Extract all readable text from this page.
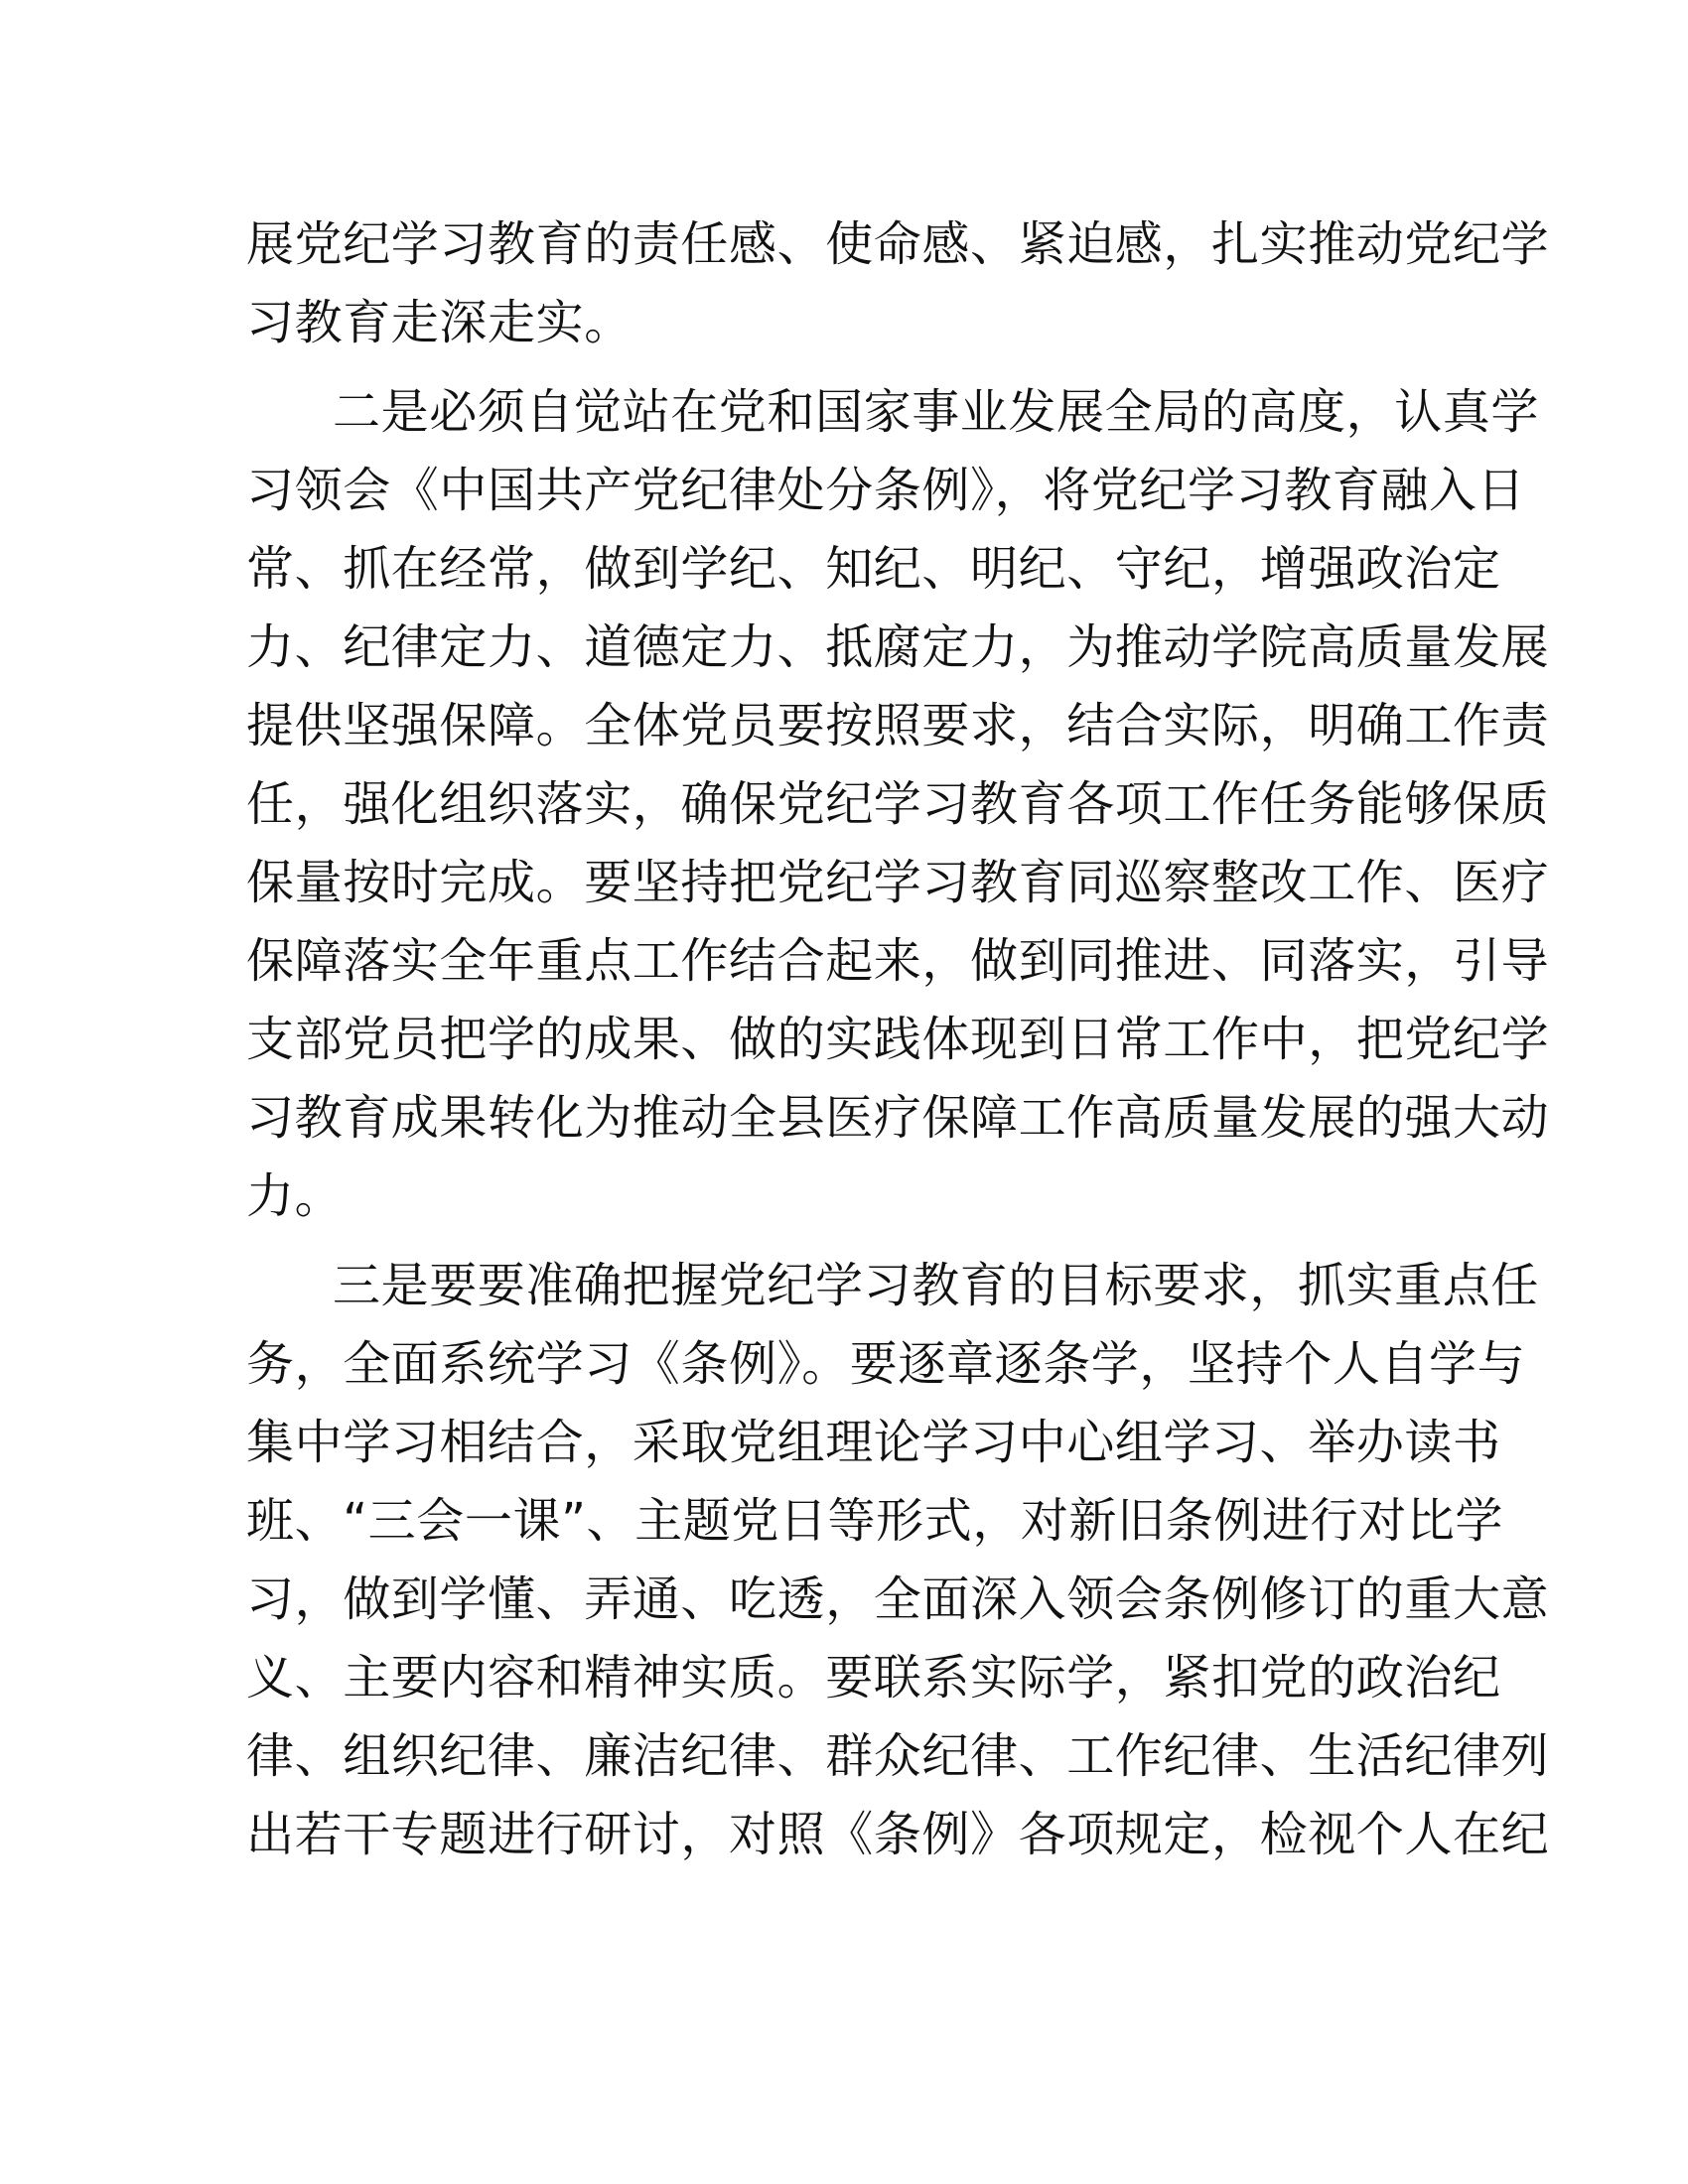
展党纪学习教育的责任感、使命感、紧迫感，扎实推动党纪学
习教育走深走实。
二是必须自觉站在党和国家事业发展全局的高度，认真学
习领会《中国共产党纪律处分条例》，将党纪学习教育融入日
常、抓在经常，做到学纪、知纪、明纪、守纪，增强政治定
力、纪律定力、道德定力、抵腐定力，为推动学院高质量发展
提供坚强保障。全体党员要按照要求，结合实际，明确工作责
任，强化组织落实，确保党纪学习教育各项工作任务能够保质
保量按时完成。要坚持把党纪学习教育同巡察整改工作、医疗
保障落实全年重点工作结合起来，做到同推进、同落实，引导
支部党员把学的成果、做的实践体现到日常工作中，把党纪学
习教育成果转化为推动全县医疗保障工作高质量发展的强大动
力。
三是要要准确把握党纪学习教育的目标要求，抓实重点任
务，全面系统学习《条例》。要逐章逐条学，坚持个人自学与
集中学习相结合，采取党组理论学习中心组学习、举办读书
班、“三会一课”、主题党日等形式，对新旧条例进行对比学
习，做到学懂、弄通、吃透，全面深入领会条例修订的重大意
义、主要内容和精神实质。要联系实际学，紧扣党的政治纪
律、组织纪律、廉洁纪律、群众纪律、工作纪律、生活纪律列
出若干专题进行研讨，对照《条例》各项规定，检视个人在纪
